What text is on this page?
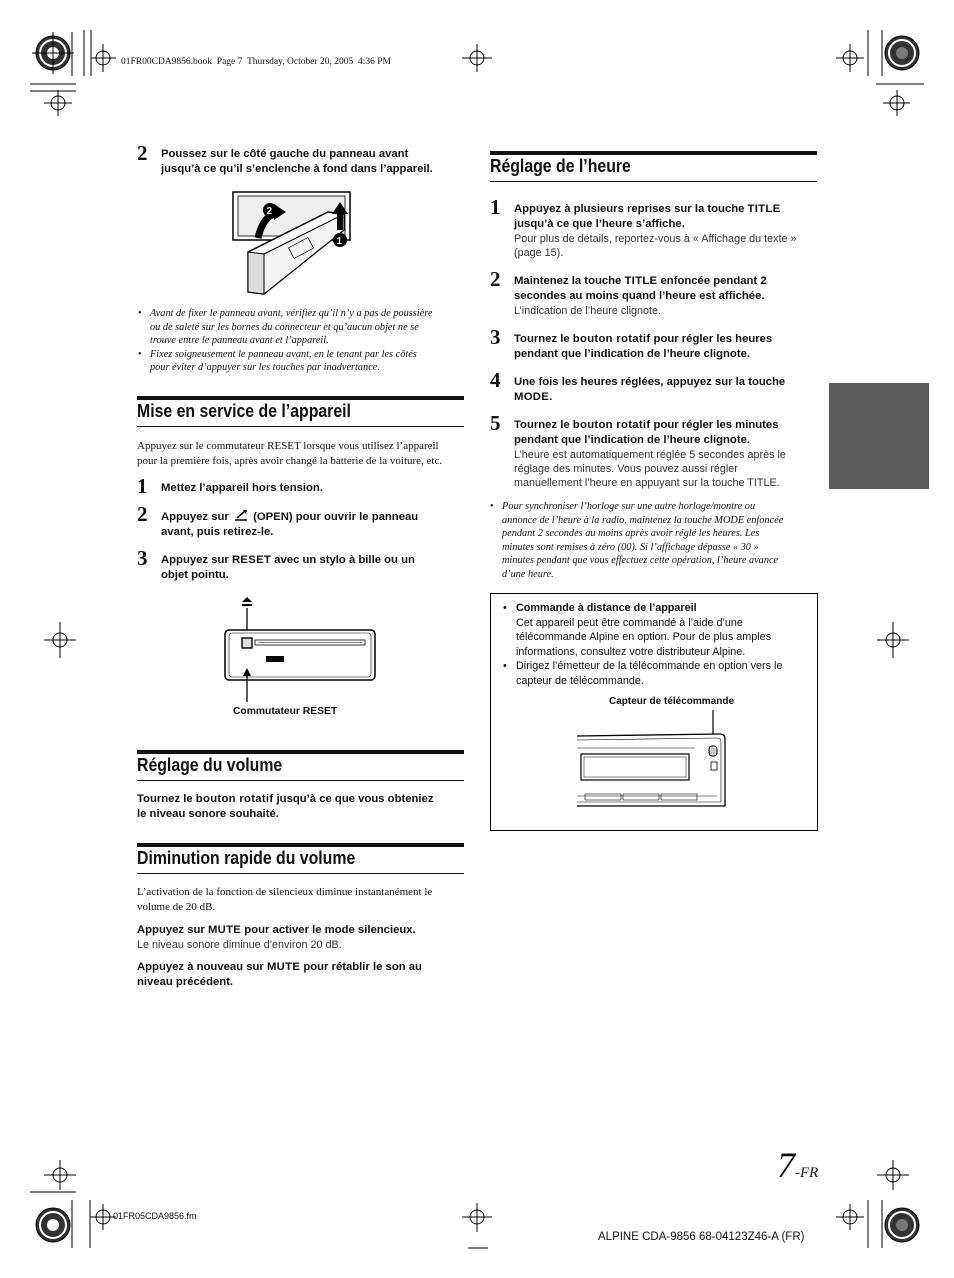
01FR00CDA9856.book  Page 7  Thursday, October 20, 2005  4:36 PM
2 Poussez sur le côté gauche du panneau avant
jusqu’à ce qu’il s’enclenche à fond dans l’appareil.
2
1
• Avant de fixer le panneau avant, vérifiez qu’il n’y a pas de poussière
ou de saleté sur les bornes du connecteur et qu’aucun objet ne se
trouve entre le panneau avant et l’appareil.
• Fixez soigneusement le panneau avant, en le tenant par les côtés
pour éviter d’appuyer sur les touches par inadvertance.
Mise en service de l’appareil
Appuyez sur le commutateur RESET lorsque vous utilisez l’appareil
pour la première fois, après avoir changé la batterie de la voiture, etc.
1 Mettez l’appareil hors tension.
2 Appuyez sur (OPEN) pour ouvrir le panneau
avant, puis retirez-le.
3 Appuyez sur RESET avec un stylo à bille ou un
objet pointu.
Commutateur RESET
Réglage du volume
Tournez le bouton rotatif jusqu’à ce que vous obteniez
le niveau sonore souhaité.
Diminution rapide du volume
L’activation de la fonction de silencieux diminue instantanément le
volume de 20 dB.
Appuyez sur MUTE pour activer le mode silencieux.
Le niveau sonore diminue d’environ 20 dB.
Appuyez à nouveau sur MUTE pour rétablir le son au
niveau précédent.
Réglage de l’heure
1 Appuyez à plusieurs reprises sur la touche TITLE
jusqu’à ce que l’heure s’affiche.
Pour plus de détails, reportez-vous à « Affichage du texte »
(page 15).
2 Maintenez la touche TITLE enfoncée pendant 2
secondes au moins quand l’heure est affichée.
L’indication de l’heure clignote.
3 Tournez le bouton rotatif pour régler les heures
pendant que l’indication de l’heure clignote.
4 Une fois les heures réglées, appuyez sur la touche
MODE.
5 Tournez le bouton rotatif pour régler les minutes
pendant que l’indication de l’heure clignote.
L’heure est automatiquement réglée 5 secondes après le
réglage des minutes. Vous pouvez aussi régler
manuellement l’heure en appuyant sur la touche TITLE.
• Pour synchroniser l’horloge sur une autre horloge/montre ou
annonce de l’heure à la radio, maintenez la touche MODE enfoncée
pendant 2 secondes au moins après avoir réglé les heures. Les
minutes sont remises à zéro (00). Si l’affichage dépasse « 30 »
minutes pendant que vous effectuez cette opération, l’heure avance
d’une heure.
• Commande à distance de l’appareil
Cet appareil peut être commandé à l’aide d’une
télécommande Alpine en option. Pour de plus amples
informations, consultez votre distributeur Alpine.
• Dirigez l’émetteur de la télécommande en option vers le
capteur de télécommande.
Capteur de télécommande
7-FR
01FR05CDA9856.fm
ALPINE CDA-9856 68-04123Z46-A (FR)
